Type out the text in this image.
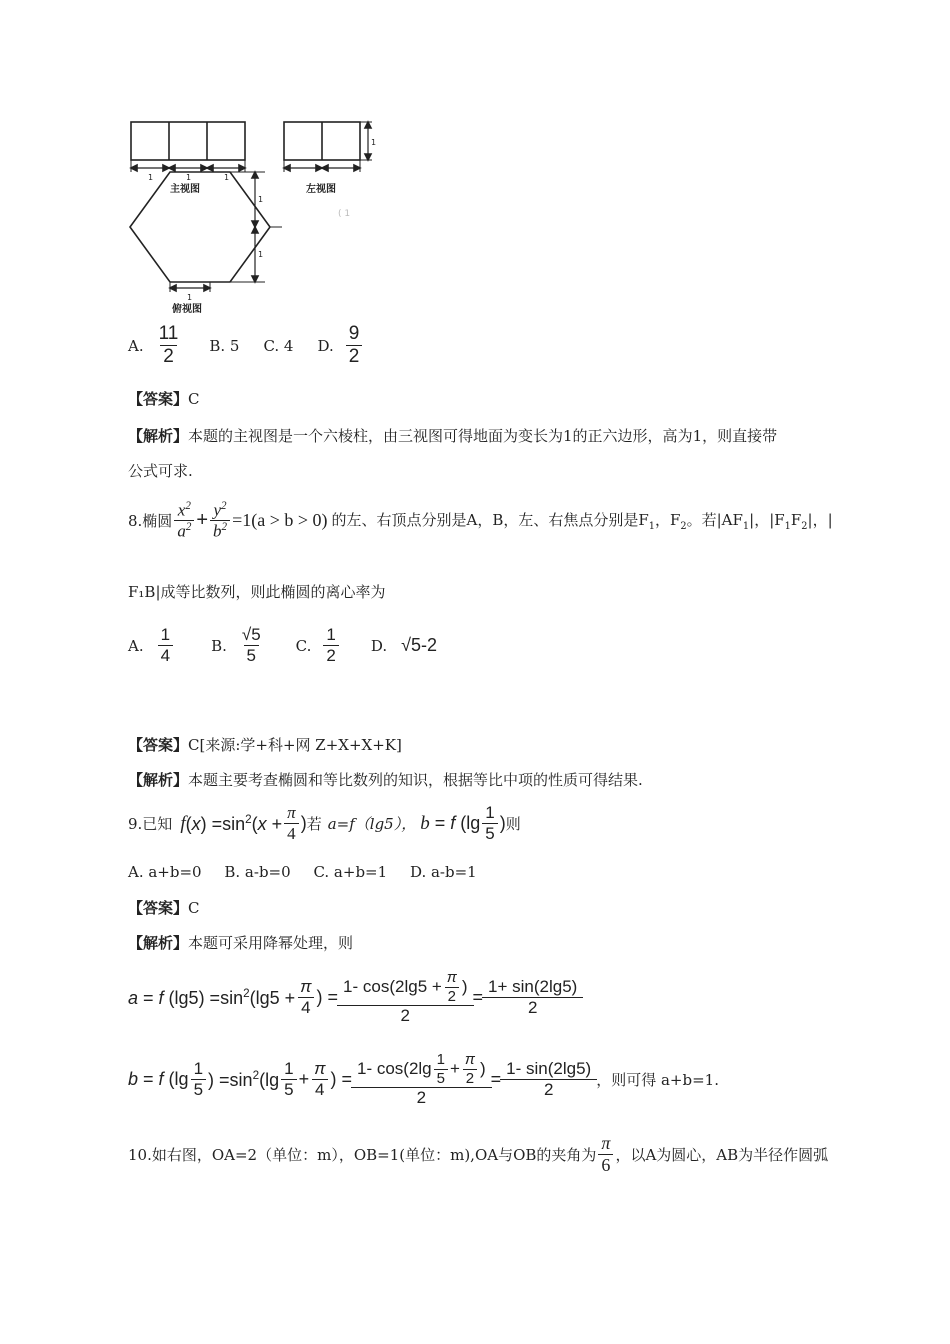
1	1	1
主视图
1
左视图
( 1
1
1
1
俯视图
A. $\frac{11}{2} B$. 5 C. 4 D. $\frac{9}{2}$
【答案】C
【解析】本题的主视图是一个六棱柱，由三视图可得地面为变长为1的正六边形，高为1，则直接带
公式可求.
8.椭圆 $\frac{x^2}{a^2} + \frac{y^2}{b^2} =1(a > b > 0)$ 的左、右顶点分别是A，B，左、右焦点分别是$F_1$，$F_2$。若$|AF_1|$，$|F_1F_2|$，|
F₁B|成等比数列，则此椭圆的离心率为
A. $\frac{1}{4}$	B. $\frac{√5}{5} C$. $\frac{1}{2} D$. √5-2
【答案】C[来源:学+科+网 Z+X+X+K]
【解析】本题主要考查椭圆和等比数列的知识，根据等比中项的性质可得结果.
9.已知 f $(x) =\sin^2(x + \frac{\pi}{4}$ ) 若 a=f（lg5）， b = f ($\lg \frac{1}{5}$ ) 则
A. a+b=0 B. a-b=0 C. a+b=1 D. a-b=1
【答案】C
【解析】本题可采用降幂处理，则
a = f $(\lg 5) =\sin^2(\lg 5 + \frac{\pi}{4}$ ) = $\frac{1- \cos(2\lg 5 + \frac{\pi}{2} )}{2} = \frac{1+ \sin(2\lg 5)}{2}$
b = f ($\lg \frac{1}{5}$ ) $=\sin^2(\lg \frac{1}{5} + \frac{\pi}{4}$ ) = $\frac{1- \cos(2\lg \frac{1}{5} + \frac{\pi}{2} )}{2} = \frac{1- \sin(2\lg 5)}{2}$ ，则可得 a+b=1.
10.如右图，OA=2（单位：m），OB=1(单位：m),OA与OB的夹角为 $\frac{\pi}{6}$ ，以A为圆心，AB为半径作圆弧
